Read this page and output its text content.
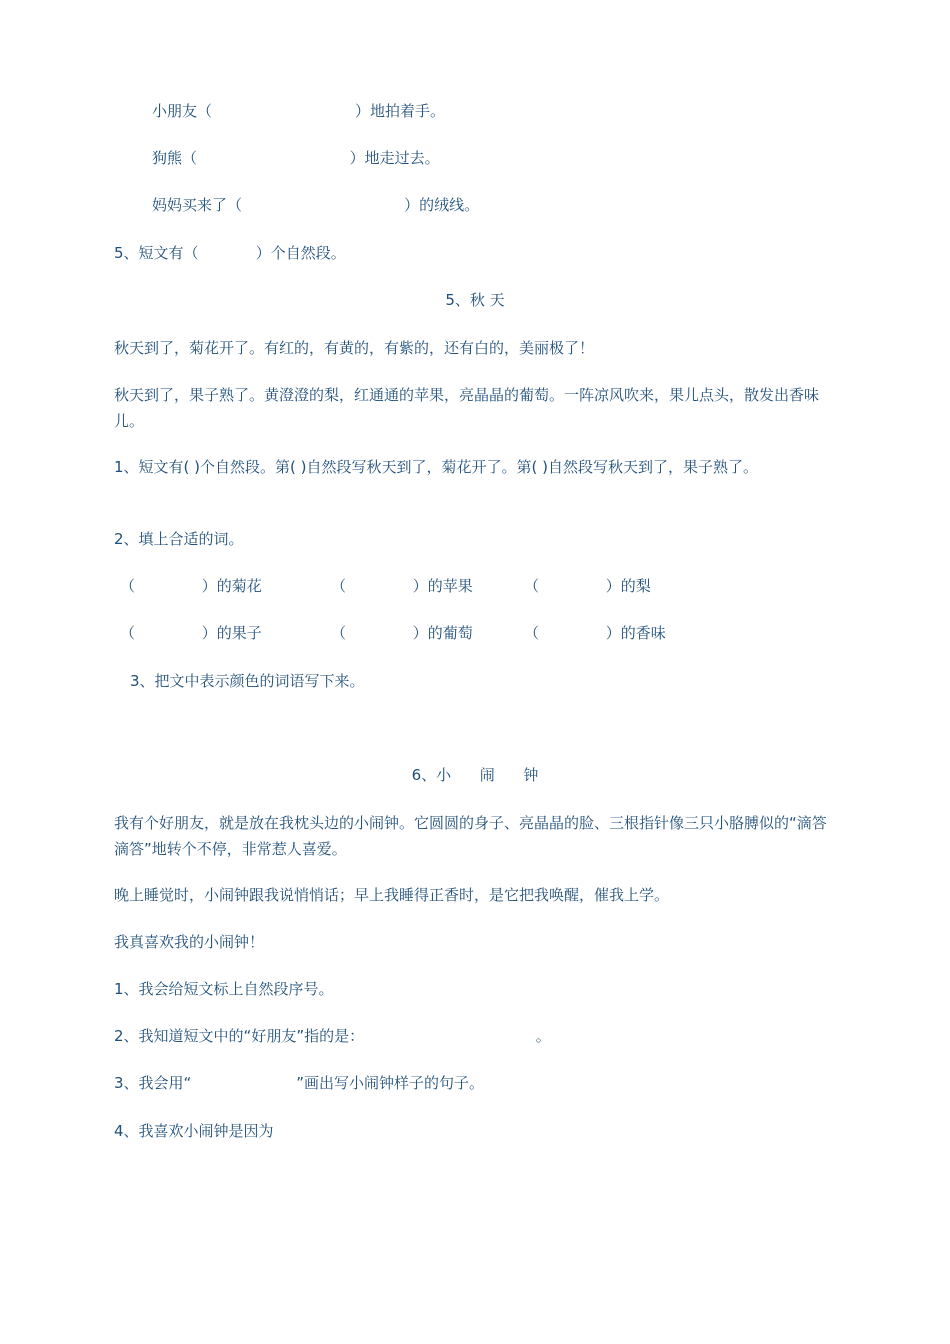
小朋友（                              ）地拍着手。
狗熊（                                ）地走过去。
妈妈买来了（                                  ）的绒线。
5、短文有（            ）个自然段。
5、秋 天
秋天到了，菊花开了。有红的，有黄的，有紫的，还有白的，美丽极了！
秋天到了，果子熟了。黄澄澄的梨，红通通的苹果，亮晶晶的葡萄。一阵凉风吹来，果儿点头，散发出香味儿。
1、短文有( )个自然段。第( )自然段写秋天到了，菊花开了。第( )自然段写秋天到了，果子熟了。
2、填上合适的词。
（              ）的菊花	（              ）的苹果	（              ）的梨
（              ）的果子	（              ）的葡萄	（              ）的香味
3、把文中表示颜色的词语写下来。
6、小      闹      钟
我有个好朋友，就是放在我枕头边的小闹钟。它圆圆的身子、亮晶晶的脸、三根指针像三只小胳膊似的“滴答滴答”地转个不停，非常惹人喜爱。
晚上睡觉时，小闹钟跟我说悄悄话；早上我睡得正香时，是它把我唤醒，催我上学。
我真喜欢我的小闹钟！
1、我会给短文标上自然段序号。
2、我知道短文中的“好朋友”指的是：                                    。
3、我会用“                      ”画出写小闹钟样子的句子。
4、我喜欢小闹钟是因为
